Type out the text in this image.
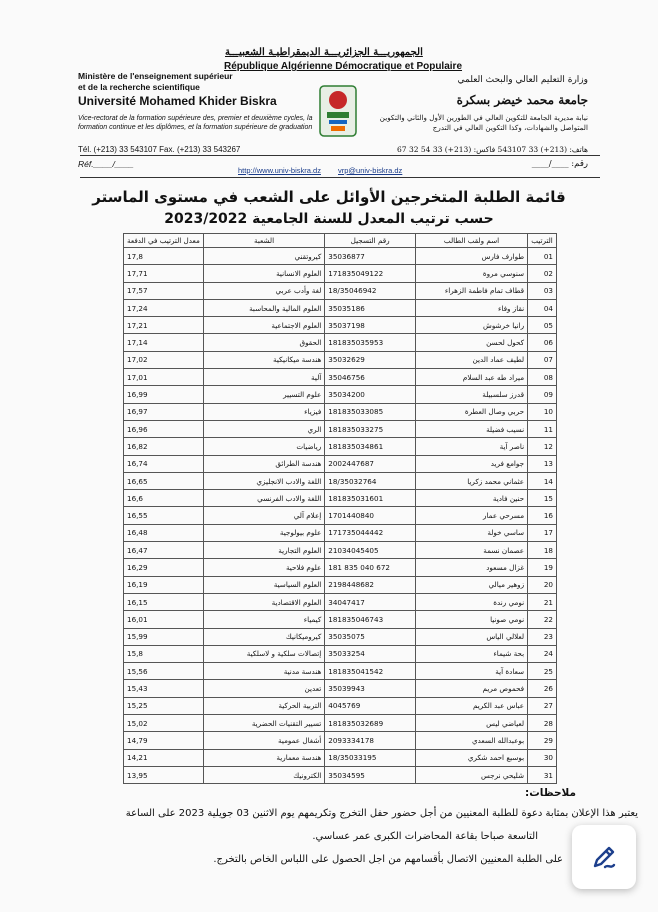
الجمهوريـــة الجزائريـــة الديمقراطيـة الشعبيـــة
République Algérienne Démocratique et Populaire
Ministère de l'enseignement supérieur
et de la recherche scientifique
وزارة التعليم العالي والبحث العلمي
Université Mohamed Khider Biskra	جامعة محمد خيضر بسكرة
Vice-rectorat de la formation supérieure des, premier et deuxième cycles, la
formation continue et les diplômes, et la formation supérieure de graduation
نيابة مديرية الجامعة للتكوين العالي في الطورين الأول والثاني والتكوين
المتواصل والشهادات، وكذا التكوين العالي في التدرج
Tél. (+213) 33 543107 Fax. (+213) 33 543267	هاتف: (213+) 33 543107 فاكس: (213+) 33 54 32 67
Réf.____/____	رقم: ____/____
http://www.univ-biskra.dz vrp@univ-biskra.dz
قائمة الطلبة المتخرجين الأوائل على الشعب في مستوى الماستر
حسب ترتيب المعدل للسنة الجامعية 2023/2022
الترتيب	اسم ولقب الطالب	رقم التسجيل	الشعبة	معدل الترتيب في الدفعة
01	طوارف فارس	35036877	كيروتقني	17,8
02	سنوسي مروة	171835049122	العلوم الانسانية	17,71
03	قطاف تمام فاطمة الزهراء	18/35046942	لغة وأدب عربي	17,57
04	نقاز وفاء	35035186	العلوم المالية والمحاسبة	17,24
05	رانيا خرشوش	35037198	العلوم الاجتماعية	17,21
06	كحول لحسن	181835035953	الحقوق	17,14
07	لطيف عماد الدين	35032629	هندسة ميكانيكية	17,02
08	ميراد طه عبد السلام	35046756	آلية	17,01
09	قدرز سلسبيلة	35034200	علوم التسيير	16,99
10	حربي وصال العطرة	181835033085	فيزياء	16,97
11	نسيب فضيلة	181835033275	الري	16,96
12	ناصر آية	181835034861	رياضيات	16,82
13	جوامع فريد	2002447687	هندسة الطرائق	16,74
14	عثماني محمد زكريا	18/35032764	اللغة والادب الانجليزي	16,65
15	حنين فادية	181835031601	اللغة والادب الفرنسي	16,6
16	مسرحي عمار	1701440840	إعلام آلي	16,55
17	ساسي خولة	171735044442	علوم بيولوجية	16,48
18	عصمان نسمة	21034045405	العلوم التجارية	16,47
19	غزال مسعود	181 835 040 672	علوم فلاحية	16,29
20	زوهير ميالي	2198448682	العلوم السياسية	16,19
21	نومي رندة	34047417	العلوم الاقتصادية	16,15
22	نومي صونيا	181835046743	كيمياء	16,01
23	لعلالي الياس	35035075	كيروميكانيك	15,99
24	بحة شيماء	35033254	إتصالات سلكية و لاسلكية	15,8
25	سعادة آية	181835041542	هندسة مدنية	15,56
26	فحموص مريم	35039943	تعدين	15,43
27	عباس عبد الكريم	4045769	التربية الحركية	15,25
28	لعياضي ليس	181835032689	تسيير التقنيات الحضرية	15,02
29	بوعبدالله السعدي	2093334178	أشغال عمومية	14,79
30	بوسبع احمد شكري	18/35033195	هندسة معمارية	14,21
31	شليحي نرجس	35034595	الكترونيك	13,95
ملاحظات:
يعتبر هذا الإعلان بمثابة دعوة للطلبة المعنيين من أجل حضور حفل التخرج وتكريمهم يوم الاثنين 03 جويلية 2023 على الساعة
التاسعة صباحا بقاعة المحاضرات الكبرى عمر عساسي.
على الطلبة المعنيين الاتصال بأقسامهم من اجل الحصول على اللباس الخاص بالتخرج.
